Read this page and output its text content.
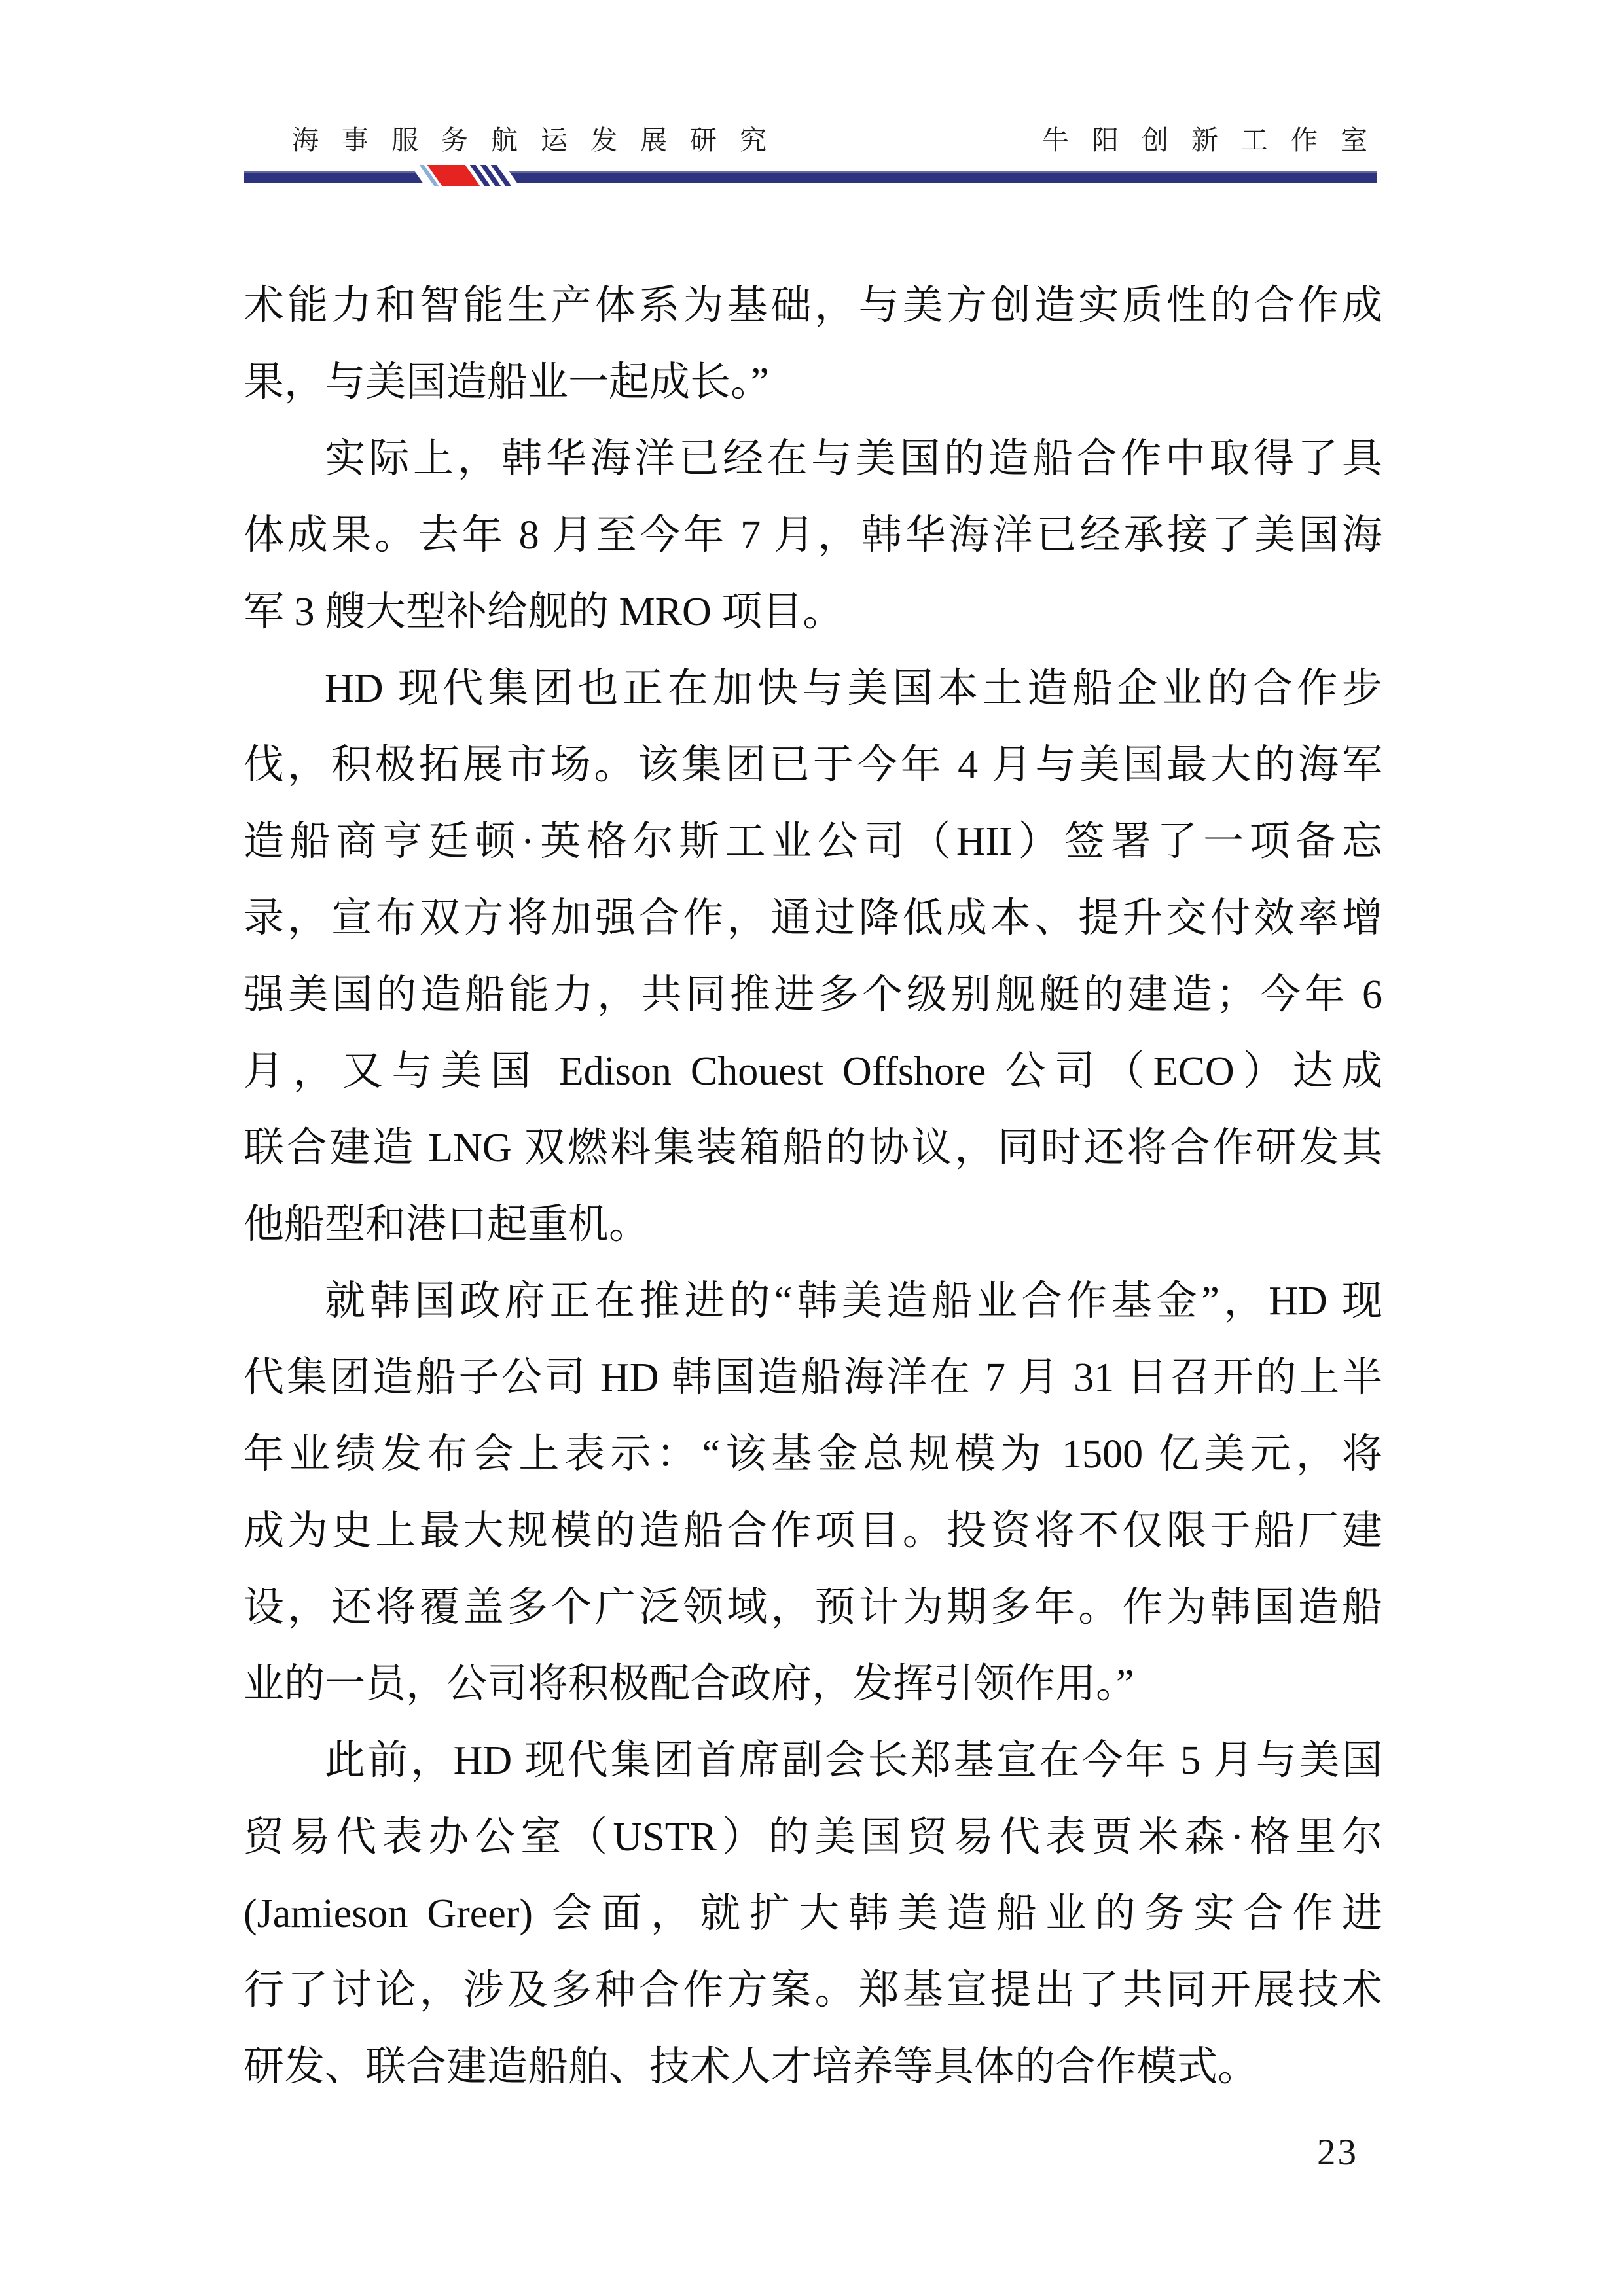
海事服务航运发展研究	牛阳创新工作室
术能力和智能生产体系为基础，与美方创造实质性的合作成
果，与美国造船业一起成长。”
实际上，韩华海洋已经在与美国的造船合作中取得了具
体成果。去年 8 月至今年 7 月，韩华海洋已经承接了美国海
军 3 艘大型补给舰的 MRO 项目。
HD 现代集团也正在加快与美国本土造船企业的合作步
伐，积极拓展市场。该集团已于今年 4 月与美国最大的海军
造船商亨廷顿·英格尔斯工业公司（HII）签署了一项备忘
录，宣布双方将加强合作，通过降低成本、提升交付效率增
强美国的造船能力，共同推进多个级别舰艇的建造；今年 6
月，又与美国 Edison Chouest Offshore 公司（ECO）达成
联合建造 LNG 双燃料集装箱船的协议，同时还将合作研发其
他船型和港口起重机。
就韩国政府正在推进的“韩美造船业合作基金”，HD 现
代集团造船子公司 HD 韩国造船海洋在 7 月 31 日召开的上半
年业绩发布会上表示：“该基金总规模为 1500 亿美元，将
成为史上最大规模的造船合作项目。投资将不仅限于船厂建
设，还将覆盖多个广泛领域，预计为期多年。作为韩国造船
业的一员，公司将积极配合政府，发挥引领作用。”
此前，HD 现代集团首席副会长郑基宣在今年 5 月与美国
贸易代表办公室（USTR）的美国贸易代表贾米森·格里尔
(Jamieson Greer) 会面，就扩大韩美造船业的务实合作进
行了讨论，涉及多种合作方案。郑基宣提出了共同开展技术
研发、联合建造船舶、技术人才培养等具体的合作模式。
23
